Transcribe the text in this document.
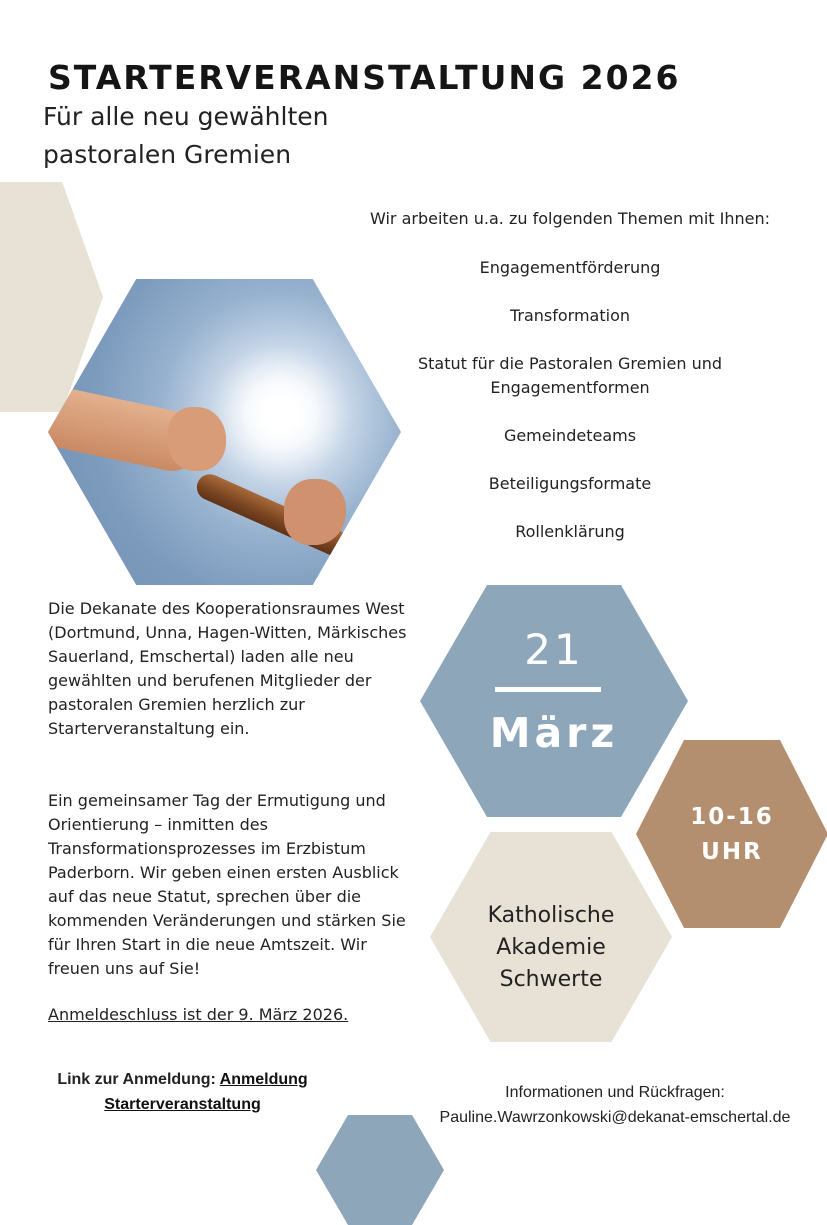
STARTERVERANSTALTUNG 2026
Für alle neu gewählten
pastoralen Gremien
Wir arbeiten u.a. zu folgenden Themen mit Ihnen:
Engagementförderung
Transformation
Statut für die Pastoralen Gremien und Engagementformen
Gemeindeteams
Beteiligungsformate
Rollenklärung
21
März
10-16
UHR
Katholische
Akademie
Schwerte
Die Dekanate des Kooperationsraumes West (Dortmund, Unna, Hagen-Witten, Märkisches Sauerland, Emschertal) laden alle neu gewählten und berufenen Mitglieder der pastoralen Gremien herzlich zur Starterveranstaltung ein.
Ein gemeinsamer Tag der Ermutigung und Orientierung – inmitten des Transformationsprozesses im Erzbistum Paderborn. Wir geben einen ersten Ausblick auf das neue Statut, sprechen über die kommenden Veränderungen und stärken Sie für Ihren Start in die neue Amtszeit. Wir freuen uns auf Sie!
Anmeldeschluss ist der 9. März 2026.
Link zur Anmeldung: Anmeldung
Starterveranstaltung
Informationen und Rückfragen:
Pauline.Wawrzonkowski@dekanat-emschertal.de
